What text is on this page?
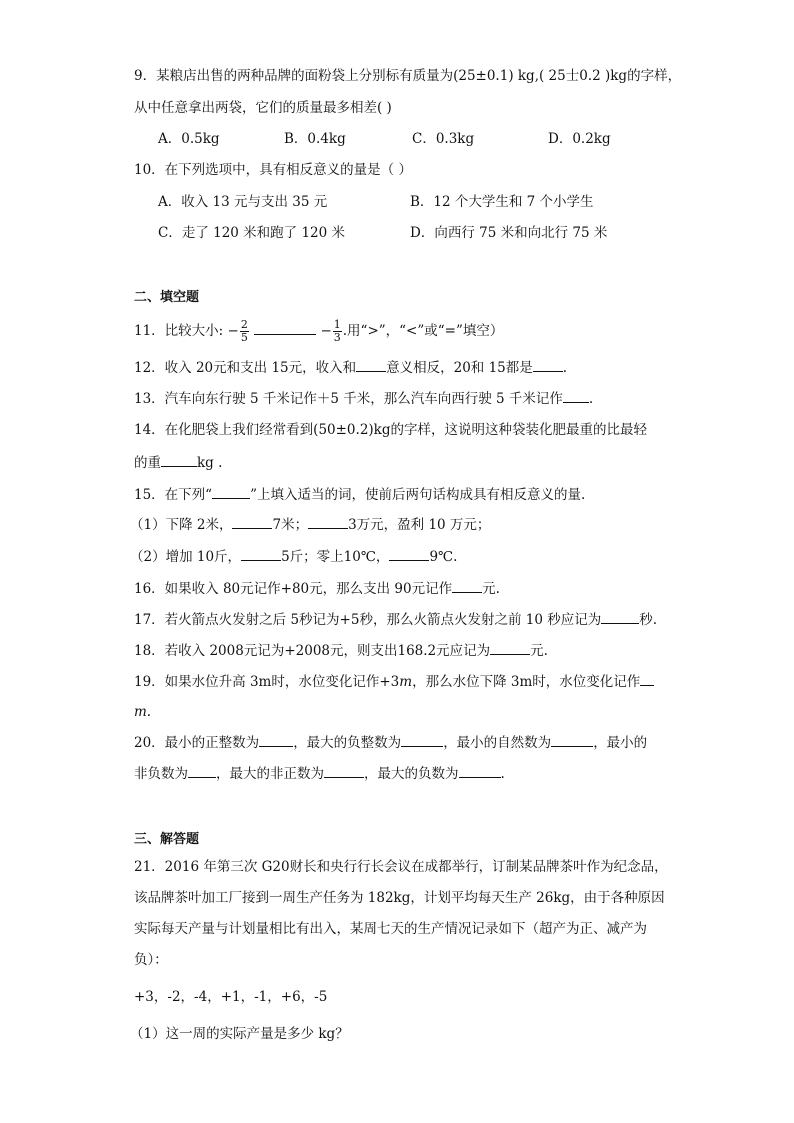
9．某粮店出售的两种品牌的面粉袋上分别标有质量为(25±0.1) kg,( 25士0.2 )kg的字样，
从中任意拿出两袋，它们的质量最多相差( )
A．0.5kg	B．0.4kg	C．0.3kg	D．0.2kg
10．在下列选项中，具有相反意义的量是（ ）
A．收入 13 元与支出 35 元	B．12 个大学生和 7 个小学生
C．走了 120 米和跑了 120 米	D．向西行 75 米和向北行 75 米
二、填空题
11．比较大小: − $\frac{2}{5}$	− $\frac{1}{3}$ .用“>”，“<”或“=”填空）
12．收入 20元和支出 15元，收入和 意义相反，20和 15都是 .
13．汽车向东行驶 5 千米记作＋5 千米，那么汽车向西行驶 5 千米记作 .
14．在化肥袋上我们经常看到(50±0.2)kg的字样，这说明这种袋装化肥最重的比最轻
的重	kg .
15．在下列“	”上填入适当的词，使前后两句话构成具有相反意义的量.
（1）下降 2米，	7米；	3万元，盈利 10 万元；
（2）增加 10斤，	5斤；零上10℃，	9℃.
16．如果收入 80元记作+80元，那么支出 90元记作 元.
17．若火箭点火发射之后 5秒记为+5秒，那么火箭点火发射之前 10 秒应记为	秒.
18．若收入 2008元记为+2008元，则支出168.2元应记为	元.
19．如果水位升高 3m时，水位变化记作+3m，那么水位下降 3m时，水位变化记作
m.
20．最小的正整数为	，最大的负整数为	，最小的自然数为	，最小的
非负数为 ，最大的非正数为	，最大的负数为	.
三、解答题
21．2016 年第三次 G20财长和央行行长会议在成都举行，订制某品牌茶叶作为纪念品，
该品牌茶叶加工厂接到一周生产任务为 182kg，计划平均每天生产 26kg，由于各种原因
实际每天产量与计划量相比有出入，某周七天的生产情况记录如下（超产为正、减产为
负）：
+3，-2，-4，+1，-1，+6，-5
（1）这一周的实际产量是多少 kg？
